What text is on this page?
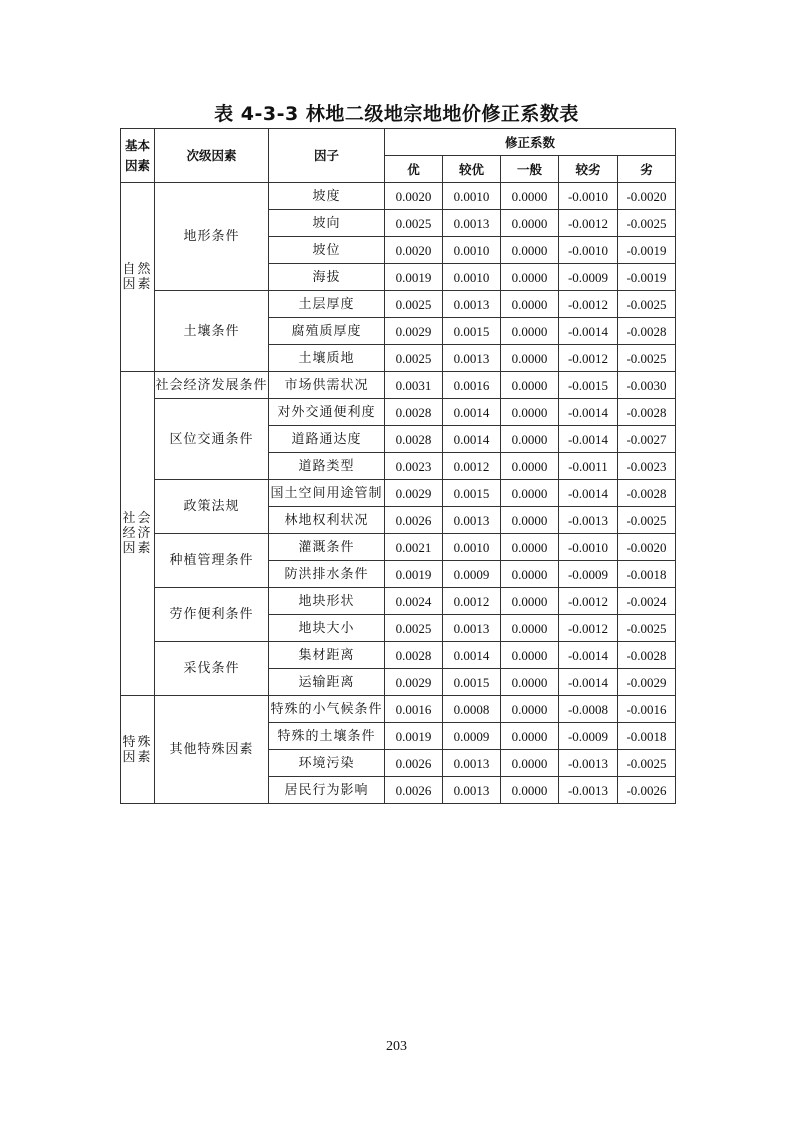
表 4-3-3 林地二级地宗地地价修正系数表
基本因素	次级因素	因子	修正系数				
			优	较优	一般	较劣	劣
自然因素	地形条件	坡度	0.0020	0.0010	0.0000	-0.0010	-0.0020
		坡向	0.0025	0.0013	0.0000	-0.0012	-0.0025
		坡位	0.0020	0.0010	0.0000	-0.0010	-0.0019
		海拔	0.0019	0.0010	0.0000	-0.0009	-0.0019
	土壤条件	土层厚度	0.0025	0.0013	0.0000	-0.0012	-0.0025
		腐殖质厚度	0.0029	0.0015	0.0000	-0.0014	-0.0028
		土壤质地	0.0025	0.0013	0.0000	-0.0012	-0.0025
社会经济因素	社会经济发展条件	市场供需状况	0.0031	0.0016	0.0000	-0.0015	-0.0030
	区位交通条件	对外交通便利度	0.0028	0.0014	0.0000	-0.0014	-0.0028
		道路通达度	0.0028	0.0014	0.0000	-0.0014	-0.0027
		道路类型	0.0023	0.0012	0.0000	-0.0011	-0.0023
	政策法规	国土空间用途管制	0.0029	0.0015	0.0000	-0.0014	-0.0028
		林地权利状况	0.0026	0.0013	0.0000	-0.0013	-0.0025
	种植管理条件	灌溉条件	0.0021	0.0010	0.0000	-0.0010	-0.0020
		防洪排水条件	0.0019	0.0009	0.0000	-0.0009	-0.0018
	劳作便利条件	地块形状	0.0024	0.0012	0.0000	-0.0012	-0.0024
		地块大小	0.0025	0.0013	0.0000	-0.0012	-0.0025
	采伐条件	集材距离	0.0028	0.0014	0.0000	-0.0014	-0.0028
		运输距离	0.0029	0.0015	0.0000	-0.0014	-0.0029
特殊因素	其他特殊因素	特殊的小气候条件	0.0016	0.0008	0.0000	-0.0008	-0.0016
		特殊的土壤条件	0.0019	0.0009	0.0000	-0.0009	-0.0018
		环境污染	0.0026	0.0013	0.0000	-0.0013	-0.0025
		居民行为影响	0.0026	0.0013	0.0000	-0.0013	-0.0026
203
